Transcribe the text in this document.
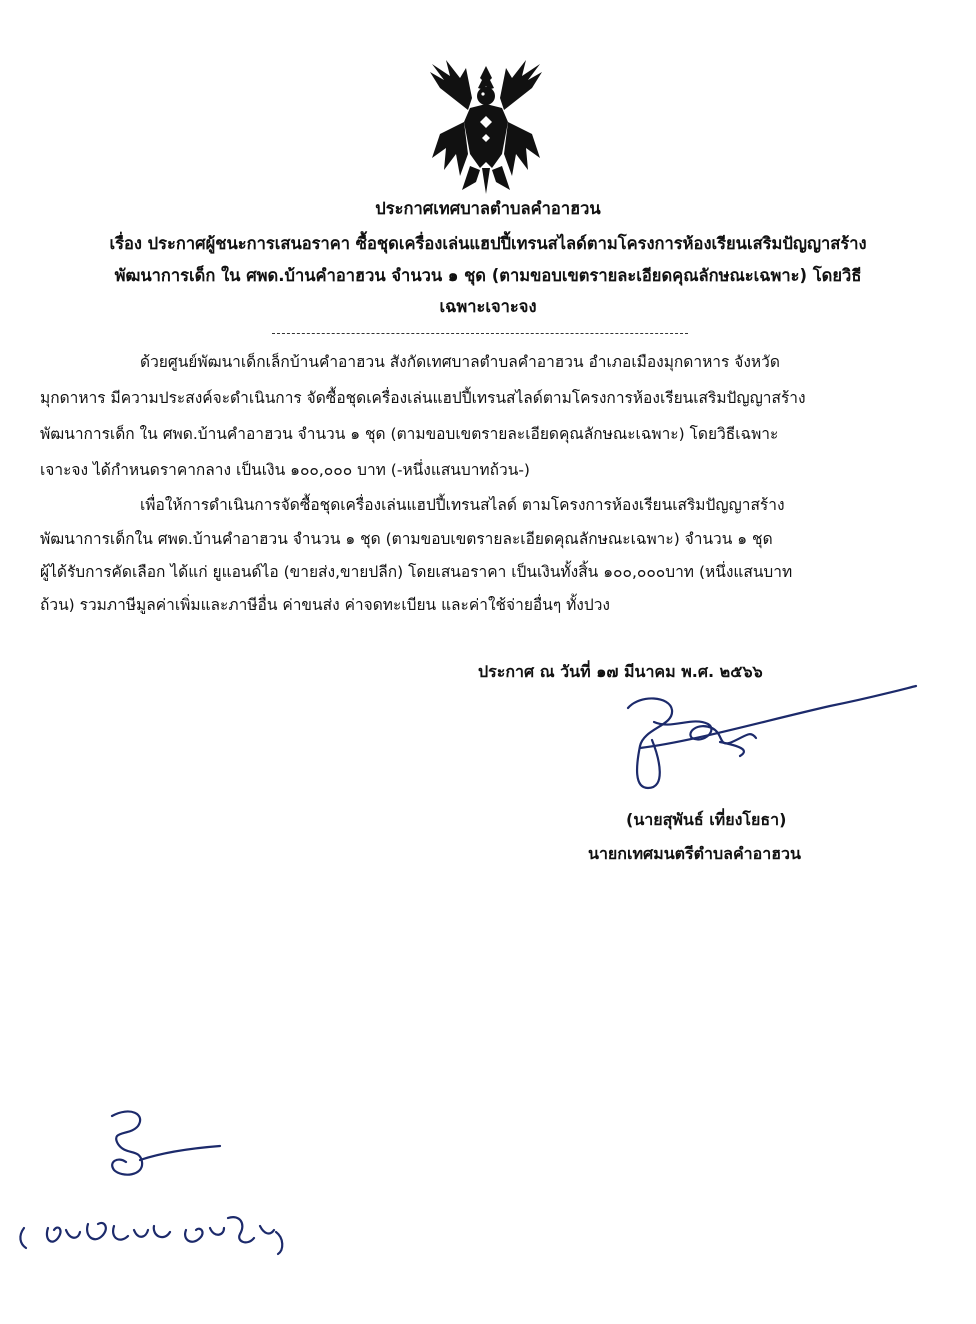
ประกาศเทศบาลตำบลคำอาฮวน
เรื่อง ประกาศผู้ชนะการเสนอราคา ซื้อชุดเครื่องเล่นแฮปปี้เทรนสไลด์ตามโครงการห้องเรียนเสริมปัญญาสร้าง
พัฒนาการเด็ก ใน ศพด.บ้านคำอาฮวน จำนวน ๑ ชุด (ตามขอบเขตรายละเอียดคุณลักษณะเฉพาะ) โดยวิธี
เฉพาะเจาะจง
ด้วยศูนย์พัฒนาเด็กเล็กบ้านคำอาฮวน สังกัดเทศบาลตำบลคำอาฮวน อำเภอเมืองมุกดาหาร จังหวัด
มุกดาหาร มีความประสงค์จะดำเนินการ จัดซื้อชุดเครื่องเล่นแฮปปี้เทรนสไลด์ตามโครงการห้องเรียนเสริมปัญญาสร้าง
พัฒนาการเด็ก ใน ศพด.บ้านคำอาฮวน จำนวน ๑ ชุด (ตามขอบเขตรายละเอียดคุณลักษณะเฉพาะ) โดยวิธีเฉพาะ
เจาะจง ได้กำหนดราคากลาง เป็นเงิน ๑๐๐,๐๐๐ บาท (-หนึ่งแสนบาทถ้วน-)
เพื่อให้การดำเนินการจัดซื้อชุดเครื่องเล่นแฮปปี้เทรนสไลด์ ตามโครงการห้องเรียนเสริมปัญญาสร้าง
พัฒนาการเด็กใน ศพด.บ้านคำอาฮวน จำนวน ๑ ชุด (ตามขอบเขตรายละเอียดคุณลักษณะเฉพาะ) จำนวน ๑ ชุด
ผู้ได้รับการคัดเลือก ได้แก่ ยูแอนด์ไอ (ขายส่ง,ขายปลีก) โดยเสนอราคา เป็นเงินทั้งสิ้น ๑๐๐,๐๐๐บาท (หนึ่งแสนบาท
ถ้วน) รวมภาษีมูลค่าเพิ่มและภาษีอื่น ค่าขนส่ง ค่าจดทะเบียน และค่าใช้จ่ายอื่นๆ ทั้งปวง
ประกาศ ณ วันที่ ๑๗ มีนาคม พ.ศ. ๒๕๖๖
(นายสุพันธ์ เที่ยงโยธา)
นายกเทศมนตรีตำบลคำอาฮวน
